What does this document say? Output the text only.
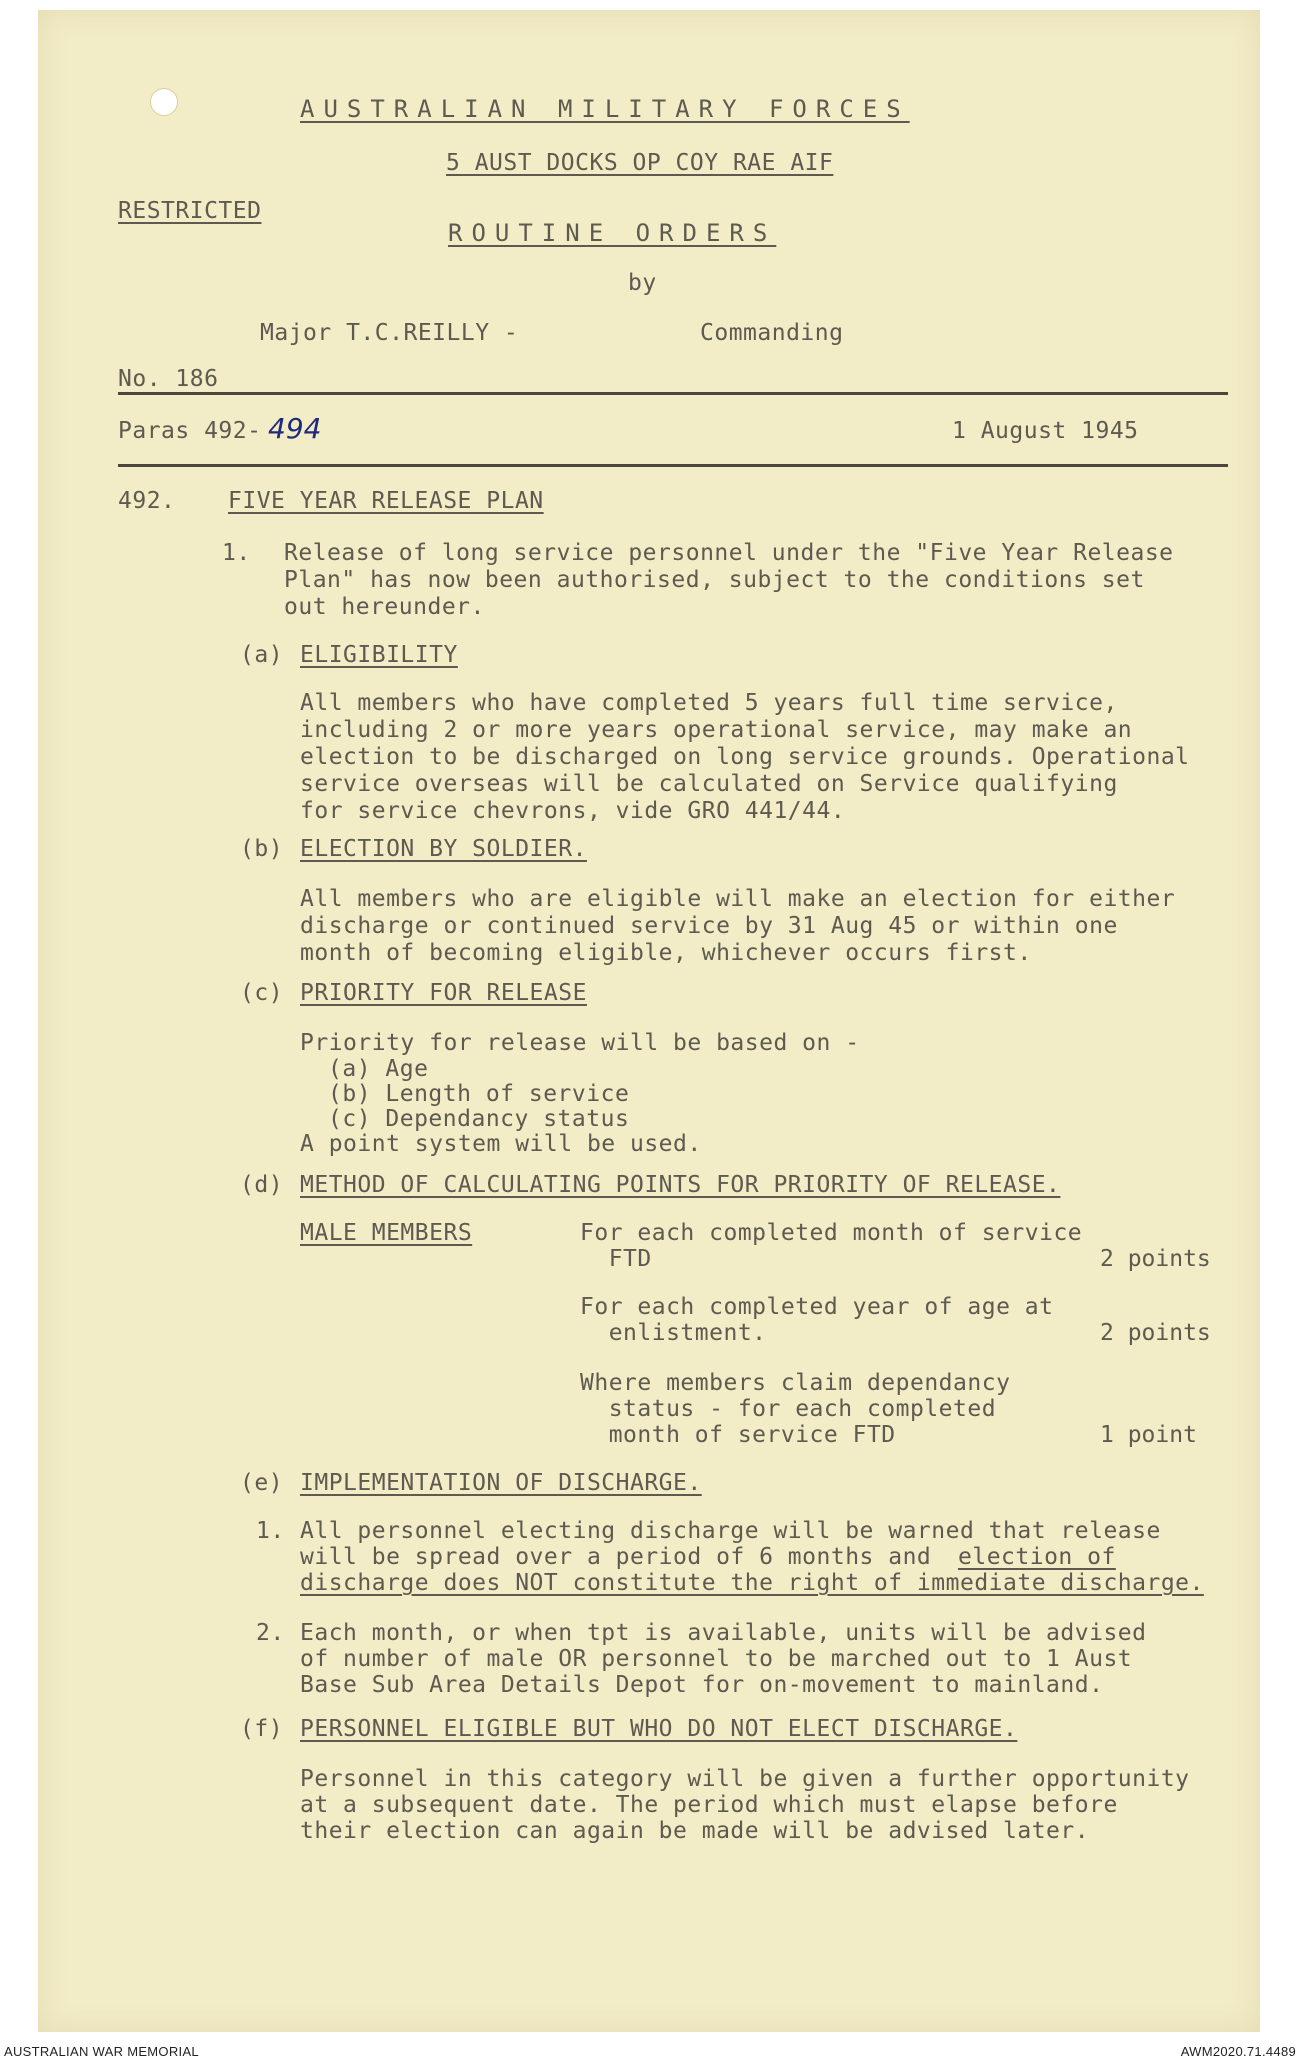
AUSTRALIAN MILITARY FORCES
5 AUST DOCKS OP COY RAE AIF
RESTRICTED
ROUTINE ORDERS
by
Major T.C.REILLY -	Commanding
No. 186
Paras 492- 494	1 August 1945
492. FIVE YEAR RELEASE PLAN
1. Release of long service personnel under the "Five Year Release
Plan" has now been authorised, subject to the conditions set
out hereunder.
(a) ELIGIBILITY
All members who have completed 5 years full time service,
including 2 or more years operational service, may make an
election to be discharged on long service grounds. Operational
service overseas will be calculated on Service qualifying
for service chevrons, vide GRO 441/44.
(b) ELECTION BY SOLDIER.
All members who are eligible will make an election for either
discharge or continued service by 31 Aug 45 or within one
month of becoming eligible, whichever occurs first.
(c) PRIORITY FOR RELEASE
Priority for release will be based on -
(a) Age
(b) Length of service
(c) Dependancy status
A point system will be used.
(d) METHOD OF CALCULATING POINTS FOR PRIORITY OF RELEASE.
MALE MEMBERS	For each completed month of service
FTD	2 points
For each completed year of age at
enlistment.	2 points
Where members claim dependancy
status - for each completed
month of service FTD	1 point
(e) IMPLEMENTATION OF DISCHARGE.
1. All personnel electing discharge will be warned that release
will be spread over a period of 6 months and election of
discharge does NOT constitute the right of immediate discharge.
2. Each month, or when tpt is available, units will be advised
of number of male OR personnel to be marched out to 1 Aust
Base Sub Area Details Depot for on-movement to mainland.
(f) PERSONNEL ELIGIBLE BUT WHO DO NOT ELECT DISCHARGE.
Personnel in this category will be given a further opportunity
at a subsequent date. The period which must elapse before
their election can again be made will be advised later.
AUSTRALIAN WAR MEMORIAL	AWM2020.71.4489
